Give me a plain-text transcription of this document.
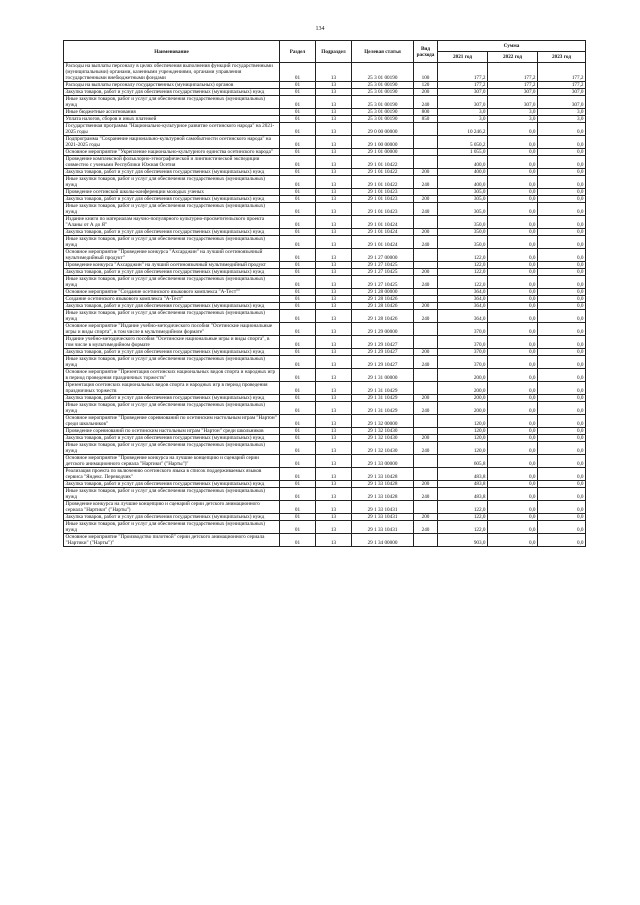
134
Наименование	Раздел	Подраздел	Целевая статья	Вид расхода	Сумма		
					2021 год	2022 год	2023 год
Расходы на выплаты персоналу в целях обеспечения выполнения функций государственными (муниципальными) органами, казенными учреждениями, органами управления государственными внебюджетными фондами	01	13	25 3 01 00190	100	177,2	177,2	177,2
Расходы на выплаты персоналу государственных (муниципальных) органов	01	13	25 3 01 00190	120	177,2	177,2	177,2
Закупка товаров, работ и услуг для обеспечения государственных (муниципальных) нужд	01	13	25 3 01 00190	200	307,0	307,0	307,0
Иные закупки товаров, работ и услуг для обеспечения государственных (муниципальных) нужд	01	13	25 3 01 00190	240	307,0	307,0	307,0
Иные бюджетные ассигнования	01	13	25 3 01 00190	800	3,0	3,0	3,0
Уплата налогов, сборов и иных платежей	01	13	25 3 01 00190	850	3,0	3,0	3,0
Государственная программа "Национально-культурное развитие осетинского народа" на 2021-2025 годы	01	13	29 0 00 00000		10 246,2	0,0	0,0
Подпрограмма "Сохранение национально-культурной самобытности осетинского народа" на 2021-2025 годы	01	13	29 1 00 00000		5 050,2	0,0	0,0
Основное мероприятие "Укрепление национально-культурного единства осетинского народа"	01	13	29 1 01 00000		1 055,0	0,0	0,0
Проведение комплексной фольклорно-этнографической и лингвистической экспедиции совместно с учеными Республики Южная Осетия	01	13	29 1 01 10422		400,0	0,0	0,0
Закупка товаров, работ и услуг для обеспечения государственных (муниципальных) нужд	01	13	29 1 01 10422	200	400,0	0,0	0,0
Иные закупки товаров, работ и услуг для обеспечения государственных (муниципальных) нужд	01	13	29 1 01 10422	240	400,0	0,0	0,0
Проведение осетинской школы-конференции молодых ученых	01	13	29 1 01 10423		305,0	0,0	0,0
Закупка товаров, работ и услуг для обеспечения государственных (муниципальных) нужд	01	13	29 1 01 10423	200	305,0	0,0	0,0
Иные закупки товаров, работ и услуг для обеспечения государственных (муниципальных) нужд	01	13	29 1 01 10423	240	305,0	0,0	0,0
Издание книги по материалам научно-популярного культурно-просветительского проекта "Аланы от А до Я"	01	13	29 1 01 10424		350,0	0,0	0,0
Закупка товаров, работ и услуг для обеспечения государственных (муниципальных) нужд	01	13	29 1 01 10424	200	350,0	0,0	0,0
Иные закупки товаров, работ и услуг для обеспечения государственных (муниципальных) нужд	01	13	29 1 01 10424	240	350,0	0,0	0,0
Основное мероприятие "Проведение конкурса "Ахсарджин" на лучший осетиноязычный мультимедийный продукт"	01	13	29 1 27 00000		122,0	0,0	0,0
Проведение конкурса "Ахсарджин" на лучший осетиноязычный мультимедийный продукт	01	13	29 1 27 10425		122,0	0,0	0,0
Закупка товаров, работ и услуг для обеспечения государственных (муниципальных) нужд	01	13	29 1 27 10425	200	122,0	0,0	0,0
Иные закупки товаров, работ и услуг для обеспечения государственных (муниципальных) нужд	01	13	29 1 27 10425	240	122,0	0,0	0,0
Основное мероприятие "Создание осетинского языкового комплекса "А-Тест""	01	13	29 1 28 00000		364,0	0,0	0,0
Создание осетинского языкового комплекса "А-Тест"	01	13	29 1 28 10426		364,0	0,0	0,0
Закупка товаров, работ и услуг для обеспечения государственных (муниципальных) нужд	01	13	29 1 28 10426	200	364,0	0,0	0,0
Иные закупки товаров, работ и услуг для обеспечения государственных (муниципальных) нужд	01	13	29 1 28 10426	240	364,0	0,0	0,0
Основное мероприятие "Издание учебно-методического пособия "Осетинские национальные игры и виды спорта", в том числе в мультимедийном формате"	01	13	29 1 29 00000		370,0	0,0	0,0
Издание учебно-методического пособия "Осетинские национальные игры и виды спорта", в том числе в мультимедийном формате	01	13	29 1 29 10427		370,0	0,0	0,0
Закупка товаров, работ и услуг для обеспечения государственных (муниципальных) нужд	01	13	29 1 29 10427	200	370,0	0,0	0,0
Иные закупки товаров, работ и услуг для обеспечения государственных (муниципальных) нужд	01	13	29 1 29 10427	240	370,0	0,0	0,0
Основное мероприятие "Презентация осетинских национальных видов спорта и народных игр в период проведения праздничных торжеств"	01	13	29 1 31 00000		200,0	0,0	0,0
Презентация осетинских национальных видов спорта и народных игр в период проведения праздничных торжеств	01	13	29 1 31 10429		200,0	0,0	0,0
Закупка товаров, работ и услуг для обеспечения государственных (муниципальных) нужд	01	13	29 1 31 10429	200	200,0	0,0	0,0
Иные закупки товаров, работ и услуг для обеспечения государственных (муниципальных) нужд	01	13	29 1 31 10429	240	200,0	0,0	0,0
Основное мероприятие "Проведение соревнований по осетинским настольным играм "Нартон" среди школьников"	01	13	29 1 32 00000		120,0	0,0	0,0
Проведение соревнований по осетинским настольным играм "Нартон" среди школьников	01	13	29 1 32 10430		120,0	0,0	0,0
Закупка товаров, работ и услуг для обеспечения государственных (муниципальных) нужд	01	13	29 1 32 10430	200	120,0	0,0	0,0
Иные закупки товаров, работ и услуг для обеспечения государственных (муниципальных) нужд	01	13	29 1 32 10430	240	120,0	0,0	0,0
Основное мероприятие "Проведение конкурса на лучшие концепцию и сценарий серии детского анимационного сериала "Нартики" ("Нарты")"	01	13	29 1 33 00000		605,8	0,0	0,0
Реализация проекта по включению осетинского языка в список поддерживаемых языков сервиса "Яндекс. Переводчик"	01	13	29 1 33 10428		483,8	0,0	0,0
Закупка товаров, работ и услуг для обеспечения государственных (муниципальных) нужд	01	13	29 1 33 10428	200	483,8	0,0	0,0
Иные закупки товаров, работ и услуг для обеспечения государственных (муниципальных) нужд	01	13	29 1 33 10428	240	483,8	0,0	0,0
Проведение конкурса на лучшие концепцию и сценарий серии детского анимационного сериала "Нартики" ("Нарты")	01	13	29 1 33 10431		122,0	0,0	0,0
Закупка товаров, работ и услуг для обеспечения государственных (муниципальных) нужд	01	13	29 1 33 10431	200	122,0	0,0	0,0
Иные закупки товаров, работ и услуг для обеспечения государственных (муниципальных) нужд	01	13	29 1 33 10431	240	122,0	0,0	0,0
Основное мероприятие "Производство пилотной" серии детского анимационного сериала "Нартики" ("Нарты")"	01	13	29 1 34 00000		903,0	0,0	0,0
